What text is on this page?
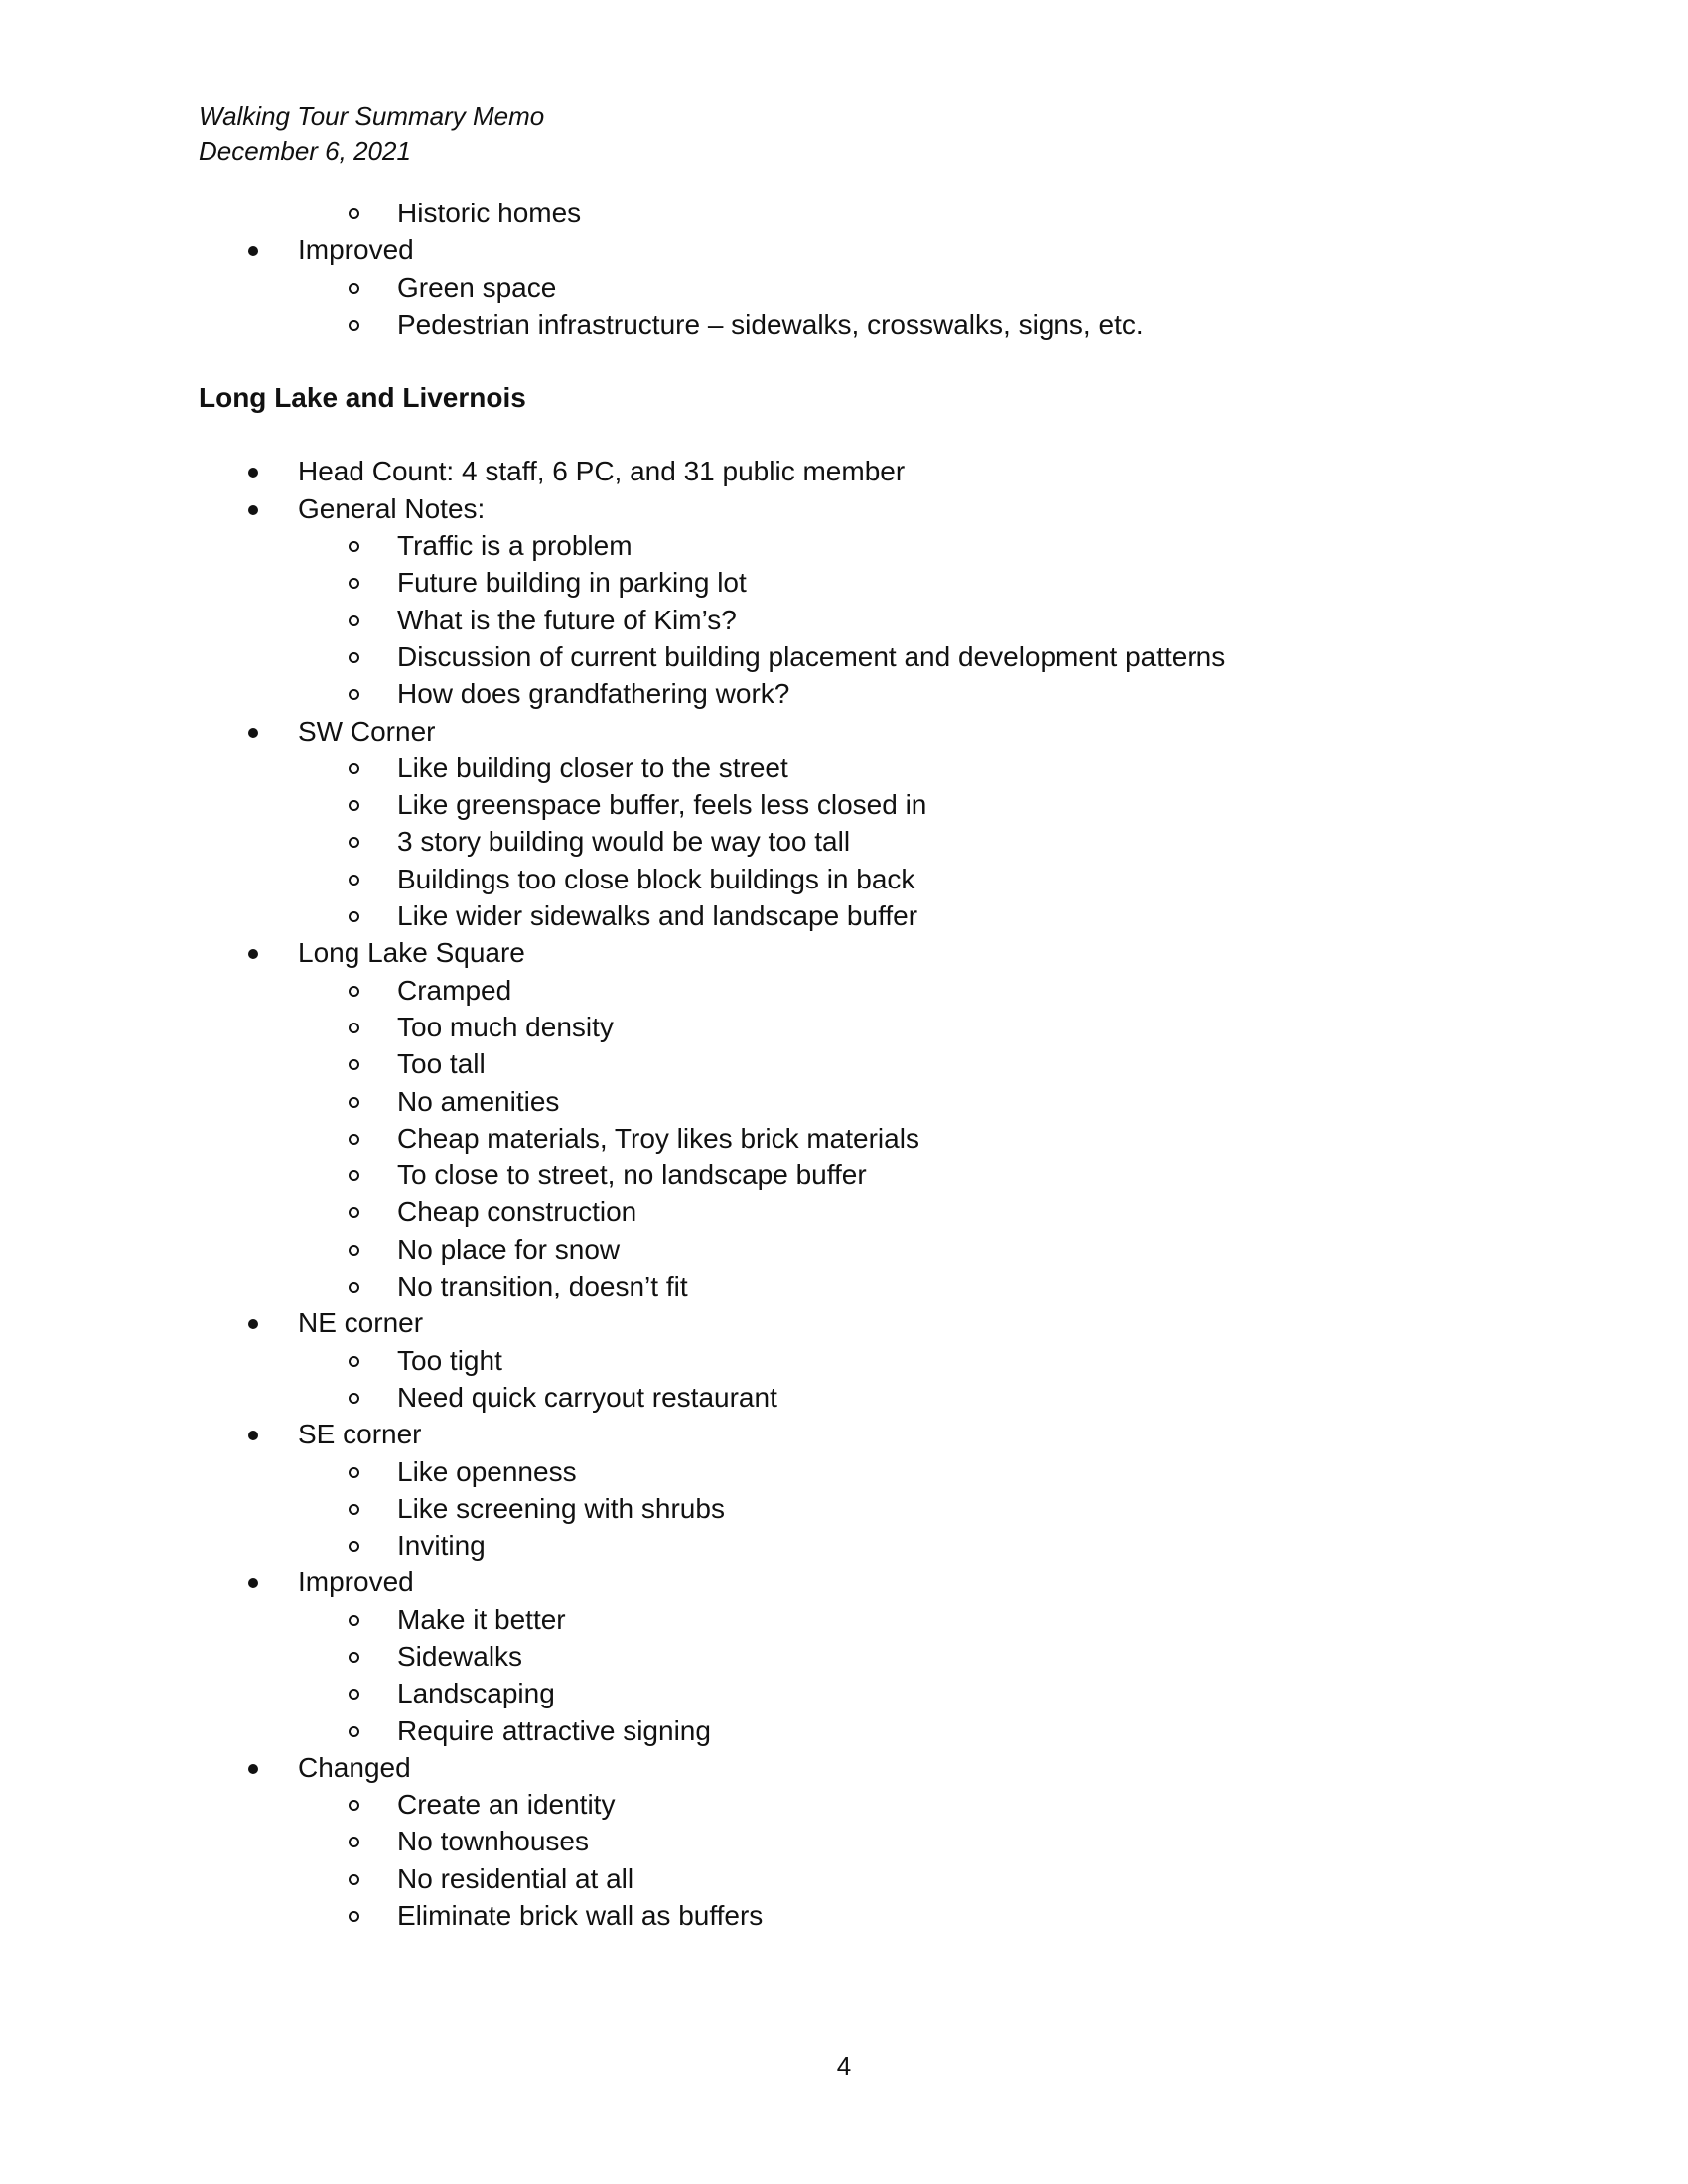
Walking Tour Summary Memo
December 6, 2021
Historic homes
Improved
Green space
Pedestrian infrastructure – sidewalks, crosswalks, signs, etc.
Long Lake and Livernois
Head Count: 4 staff, 6 PC, and 31 public member
General Notes:
Traffic is a problem
Future building in parking lot
What is the future of Kim’s?
Discussion of current building placement and development patterns
How does grandfathering work?
SW Corner
Like building closer to the street
Like greenspace buffer, feels less closed in
3 story building would be way too tall
Buildings too close block buildings in back
Like wider sidewalks and landscape buffer
Long Lake Square
Cramped
Too much density
Too tall
No amenities
Cheap materials, Troy likes brick materials
To close to street, no landscape buffer
Cheap construction
No place for snow
No transition, doesn’t fit
NE corner
Too tight
Need quick carryout restaurant
SE corner
Like openness
Like screening with shrubs
Inviting
Improved
Make it better
Sidewalks
Landscaping
Require attractive signing
Changed
Create an identity
No townhouses
No residential at all
Eliminate brick wall as buffers
4
